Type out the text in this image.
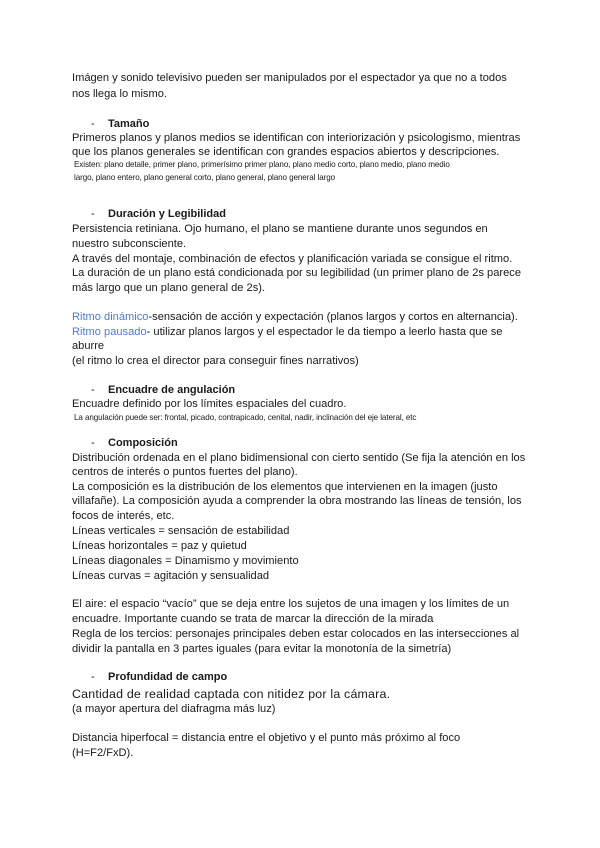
Imágen y sonido televisivo pueden ser manipulados por el espectador ya que no a todos
nos llega lo mismo.
- Tamaño
Primeros planos y planos medios se identifican con interiorización y psicologismo, mientras
que los planos generales se identifican con grandes espacios abiertos y descripciones.
Existen: plano detalle, primer plano, primerísimo primer plano, plano medio corto, plano medio, plano medio
largo, plano entero, plano general corto, plano general, plano general largo
- Duración y Legibilidad
Persistencia retiniana. Ojo humano, el plano se mantiene durante unos segundos en
nuestro subconsciente.
A través del montaje, combinación de efectos y planificación variada se consigue el ritmo.
La duración de un plano está condicionada por su legibilidad (un primer plano de 2s parece
más largo que un plano general de 2s).
Ritmo dinámico-sensación de acción y expectación (planos largos y cortos en alternancia).
Ritmo pausado- utilizar planos largos y el espectador le da tiempo a leerlo hasta que se
aburre
(el ritmo lo crea el director para conseguir fines narrativos)
- Encuadre de angulación
Encuadre definido por los límites espaciales del cuadro.
La angulación puede ser: frontal, picado, contrapicado, cenital, nadir, inclinación del eje lateral, etc
- Composición
Distribución ordenada en el plano bidimensional con cierto sentido (Se fija la atención en los
centros de interés o puntos fuertes del plano).
La composición es la distribución de los elementos que intervienen en la imagen (justo
villafañe). La composición ayuda a comprender la obra mostrando las líneas de tensión, los
focos de interés, etc.
Líneas verticales = sensación de estabilidad
Líneas horizontales = paz y quietud
Líneas diagonales = Dinamismo y movimiento
Líneas curvas = agitación y sensualidad
El aire: el espacio “vacío” que se deja entre los sujetos de una imagen y los límites de un
encuadre. Importante cuando se trata de marcar la dirección de la mirada
Regla de los tercios: personajes principales deben estar colocados en las intersecciones al
dividir la pantalla en 3 partes iguales (para evitar la monotonía de la simetría)
- Profundidad de campo
Cantidad de realidad captada con nitidez por la cámara.
(a mayor apertura del diafragma más luz)
Distancia hiperfocal = distancia entre el objetivo y el punto más próximo al foco
(H=F2/FxD).
